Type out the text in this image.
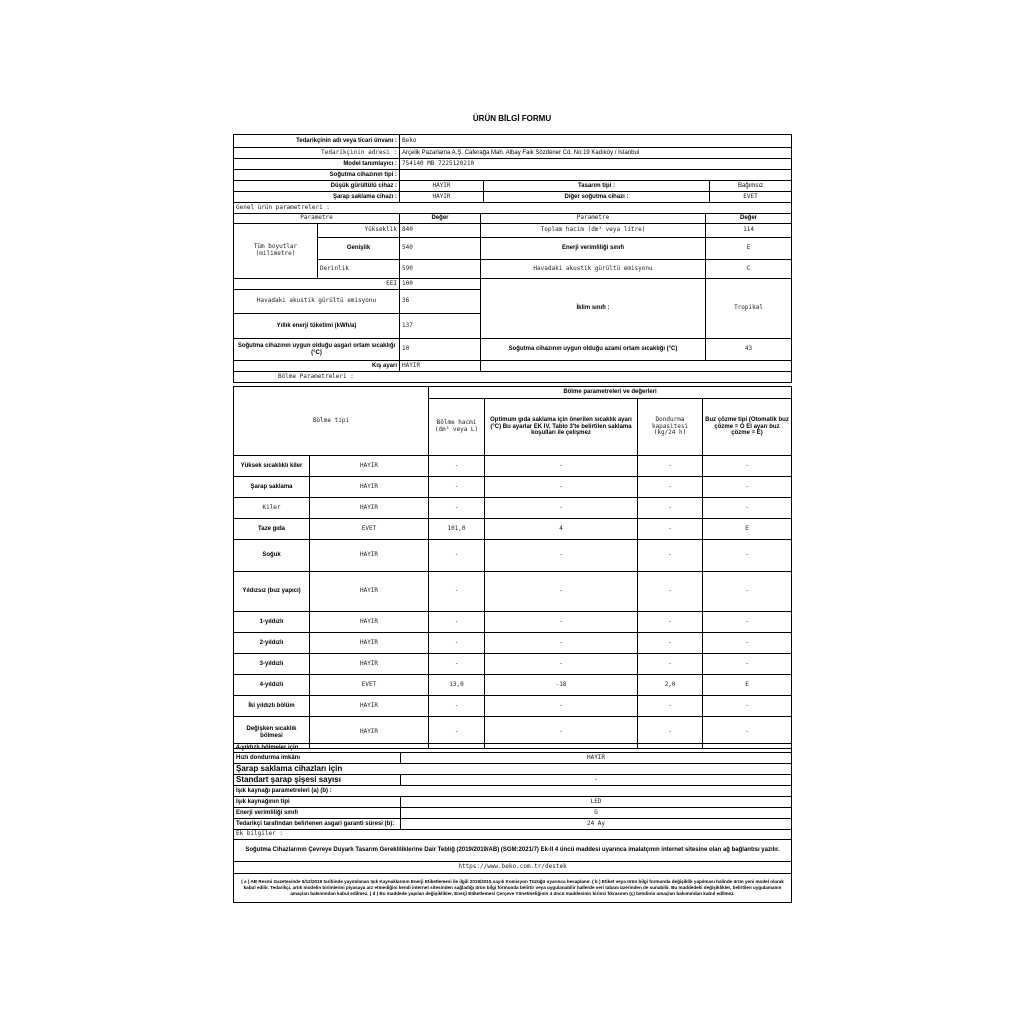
ÜRÜN BİLGİ FORMU
Tedarikçinin adı veya ticari ünvanı :	Beko		
Tedarikçinin adresi :	Arçelik Pazarlama A.Ş. Caferağa Mah. Albay Faik Sözdener Cd. No:19 Kadıköy / İstanbul		
Model tanımlayıcı :	754140 MB 7225120210		
Soğutma cihazının tipi :			
Düşük gürültülü cihaz :	HAYIR	Tasarım tipi :	Bağımsız
Şarap saklama cihazı :	HAYIR	Diğer soğutma cihazı :	EVET
Genel ürün parametreleri :			
Parametre		Değer	Parametre	Değer
Tüm boyutlar (milimetre)	Yükseklik	840	Toplam hacim (dm³ veya litre)	114
	Genişlik	540	Enerji verimliliği sınıfı	E
	Derinlik	590	Havadaki akustik gürültü emisyonu	C
EEI		100	İklim sınıfı :	Tropikal
Havadaki akustik gürültü emisyonu		36		
Yıllık enerji tüketimi (kWh/a)		137		
Soğutma cihazının uygun olduğu asgari ortam sıcaklığı (°C)		10	Soğutma cihazının uygun olduğu azami ortam sıcaklığı (°C)	43
Kış ayarı		HAYIR		
Bölme Parametreleri :				
Bölme tipi		Bölme parametreleri ve değerleri			
		Bölme hacmi (dm³ veya L)	Optimum gıda saklama için önerilen sıcaklık ayarı (°C) Bu ayarlar EK IV, Tablo 3'te belirtilen saklama koşulları ile çelişmez	Dondurma kapasitesi (kg/24 h)	Buz çözme tipi (Otomatik buz çözme = O El ayarı buz çözme = E)
Yüksek sıcaklıklı kiler	HAYIR	-	-	-	-
Şarap saklama	HAYIR	-	-	-	-
Kiler	HAYIR	-	-	-	-
Taze gıda	EVET	101,0	4	-	E
Soğuk	HAYIR	-	-	-	-
Yıldızsız (buz yapıcı)	HAYIR	-	-	-	-
1-yıldızlı	HAYIR	-	-	-	-
2-yıldızlı	HAYIR	-	-	-	-
3-yıldızlı	HAYIR	-	-	-	-
4-yıldızlı	EVET	13,0	-18	2,0	E
İki yıldızlı bölüm	HAYIR	-	-	-	-
Değişken sıcaklık bölmesi	HAYIR	-	-	-	-
4-yıldızlı bölmeler için	
Hızlı dondurma imkânı	HAYIR
Şarap saklama cihazları için	
Standart şarap şişesi sayısı	-
Işık kaynağı parametreleri (a) (b) :	
Işık kaynağının tipi	LED
Enerji verimliliği sınıfı	G
Tedarikçi tarafından belirlenen asgari garanti süresi (b):	24 Ay
Ek bilgiler :	
Soğutma Cihazlarının Çevreye Duyarlı Tasarım Gerekliliklerine Dair Tebliğ (2019/2019/AB) (SGM:2021/7) Ek-II 4 üncü maddesi uyarınca imalatçının internet sitesine olan ağ bağlantısı yazılır.	
https://www.beko.com.tr/destek	
( a ) AB Resmi Gazetesinde 5/12/2019 tarihinde yayımlanan Işık Kaynaklarının Enerji Etiketlemesi ile ilgili 2019/2015 sayılı Komisyon Tüzüğü uyarınca hesaplanır. ( b ) Etiket veya ürün bilgi formunda değişiklik yapılması halinde ürün yeni model olarak kabul edilir. Tedarikçi, artık modelin birimlerini piyasaya arz etmediğini kendi internet sitesinden sağladığı ürün bilgi formunda belirtir veya uygulanabilir hallerde veri tabanı üzerinden de sunabilir. Bu maddedeki değişiklikler, belirtilen uygulamanın amaçları bakımından kabul edilmez. ( d ) Bu maddede yapılan değişiklikler, Enerji Etiketlemesi Çerçeve Yönetmeliğinin 4 üncü maddesinin birinci fıkrasının (ç) bendinin amaçları bakımından kabul edilmez.	
